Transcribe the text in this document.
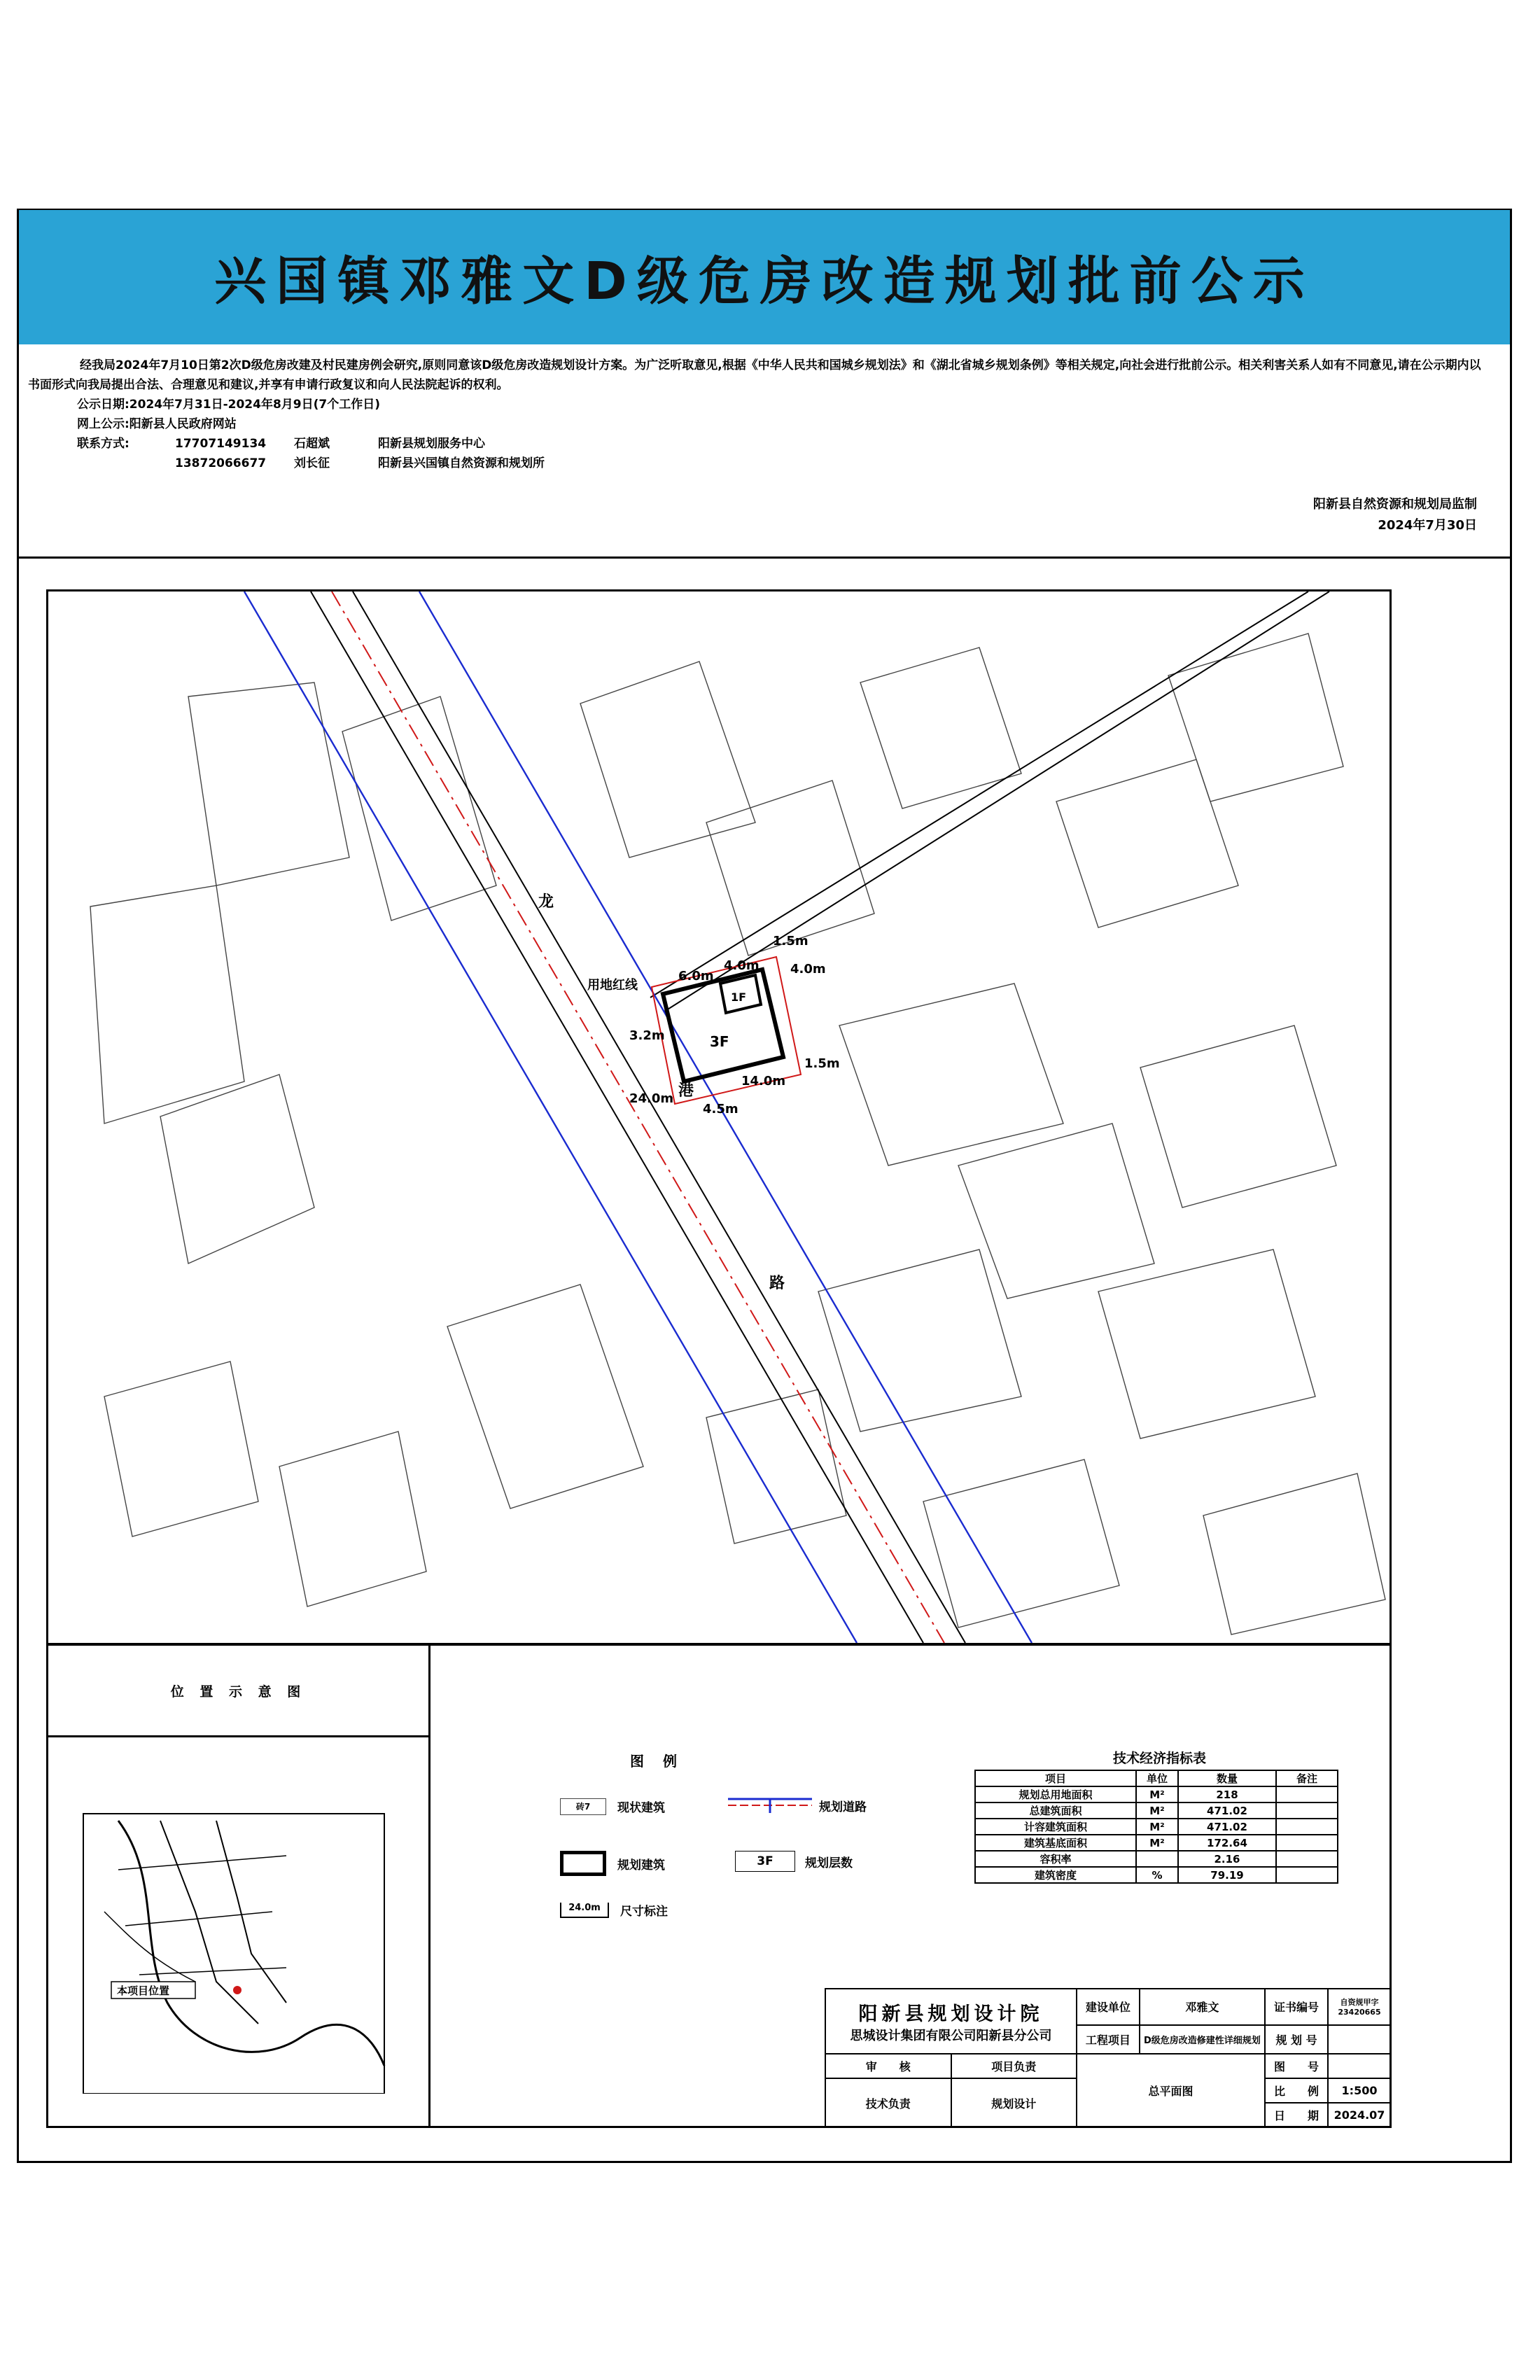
兴国镇邓雅文D级危房改造规划批前公示

经我局2024年7月10日第2次D级危房改建及村民建房例会研究,原则同意该D级危房改造规划设计方案。为广泛听取意见,根据《中华人民共和国城乡规划法》和《湖北省城乡规划条例》等相关规定,向社会进行批前公示。相关利害关系人如有不同意见,请在公示期内以书面形式向我局提出合法、合理意见和建议,并享有申请行政复议和向人民法院起诉的权利。

公示日期:2024年7月31日-2024年8月9日(7个工作日)
网上公示:阳新县人民政府网站
联系方式:	17707149134	石超斌	阳新县规划服务中心
13872066677	刘长征	阳新县兴国镇自然资源和规划所
阳新县自然资源和规划局监制
2024年7月30日
用地红线
龙
港
路
3F
1F
6.0m
4.0m
1.5m
4.0m
3.2m
14.0m
1.5m
24.0m
4.5m
位 置 示 意 图
本项目位置
图 例
砖7	现状建筑	规划道路
规划建筑	3F	规划层数
24.0m	尺寸标注
技术经济指标表
项目	单位	数量	备注
规划总用地面积	M²	218	
总建筑面积	M²	471.02	
计容建筑面积	M²	471.02	
建筑基底面积	M²	172.64	
容积率		2.16	
建筑密度	%	79.19	
阳新县规划设计院
思城设计集团有限公司阳新县分公司		建设单位	邓雅文	证书编号	自资规甲字23420665
		工程项目	D级危房改造修建性详细规划	规 划 号	
审　　核	项目负责	总平面图		图　　号	
技术负责	规划设计			比　　例	1:500
				日　　期	2024.07
